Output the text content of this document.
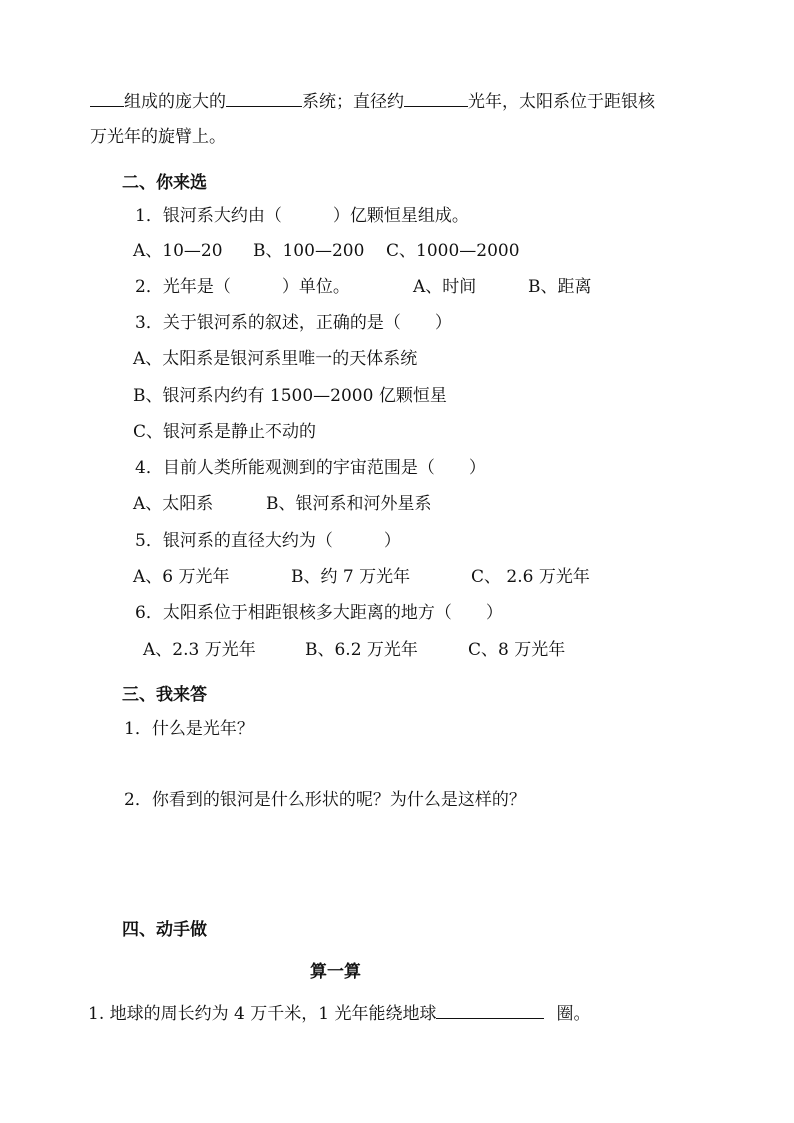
组成的庞大的	系统；直径约	光年，太阳系位于距银核
万光年的旋臂上。
二、你来选
1．银河系大约由（　　　）亿颗恒星组成。
A、10—20 B、100—200 C、1000—2000
2．光年是（　　　）单位。	A、时间	B、距离
3．关于银河系的叙述，正确的是（　　）
A、太阳系是银河系里唯一的天体系统
B、银河系内约有 1500—2000 亿颗恒星
C、银河系是静止不动的
4．目前人类所能观测到的宇宙范围是（　　）
A、太阳系	B、银河系和河外星系
5．银河系的直径大约为（　　　）
A、6 万光年	B、约 7 万光年	C、 2.6 万光年
6．太阳系位于相距银核多大距离的地方（　　）
A、2.3 万光年	B、6.2 万光年	C、8 万光年
三、我来答
1．什么是光年？
2．你看到的银河是什么形状的呢？为什么是这样的？
四、动手做
算一算
1. 地球的周长约为 4 万千米，1 光年能绕地球	圈。
